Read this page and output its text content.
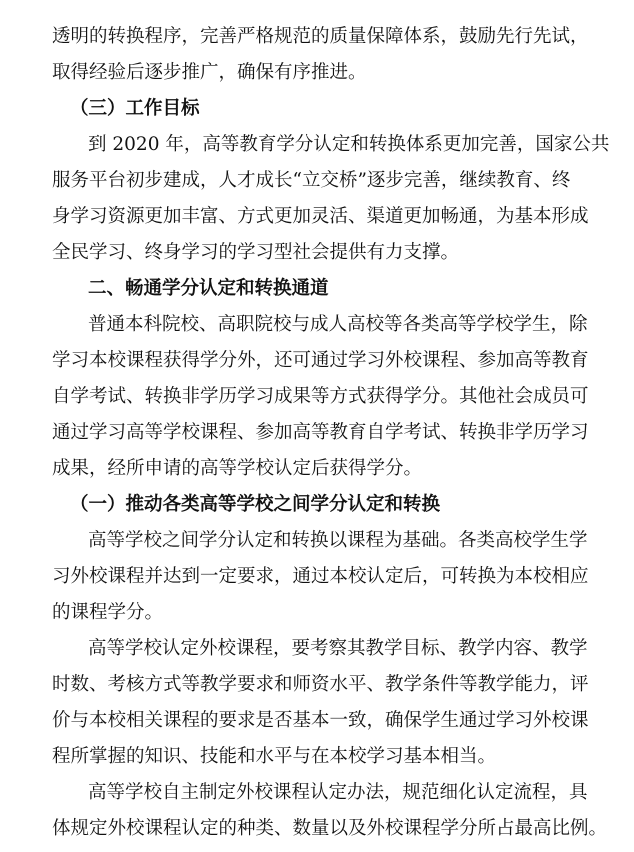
透明的转换程序，完善严格规范的质量保障体系，鼓励先行先试，
取得经验后逐步推广，确保有序推进。
（三）工作目标
到 2020 年，高等教育学分认定和转换体系更加完善，国家公共
服务平台初步建成，人才成长“立交桥”逐步完善，继续教育、终
身学习资源更加丰富、方式更加灵活、渠道更加畅通，为基本形成
全民学习、终身学习的学习型社会提供有力支撑。
二、畅通学分认定和转换通道
普通本科院校、高职院校与成人高校等各类高等学校学生，除
学习本校课程获得学分外，还可通过学习外校课程、参加高等教育
自学考试、转换非学历学习成果等方式获得学分。其他社会成员可
通过学习高等学校课程、参加高等教育自学考试、转换非学历学习
成果，经所申请的高等学校认定后获得学分。
（一）推动各类高等学校之间学分认定和转换
高等学校之间学分认定和转换以课程为基础。各类高校学生学
习外校课程并达到一定要求，通过本校认定后，可转换为本校相应
的课程学分。
高等学校认定外校课程，要考察其教学目标、教学内容、教学
时数、考核方式等教学要求和师资水平、教学条件等教学能力，评
价与本校相关课程的要求是否基本一致，确保学生通过学习外校课
程所掌握的知识、技能和水平与在本校学习基本相当。
高等学校自主制定外校课程认定办法，规范细化认定流程，具
体规定外校课程认定的种类、数量以及外校课程学分所占最高比例。
